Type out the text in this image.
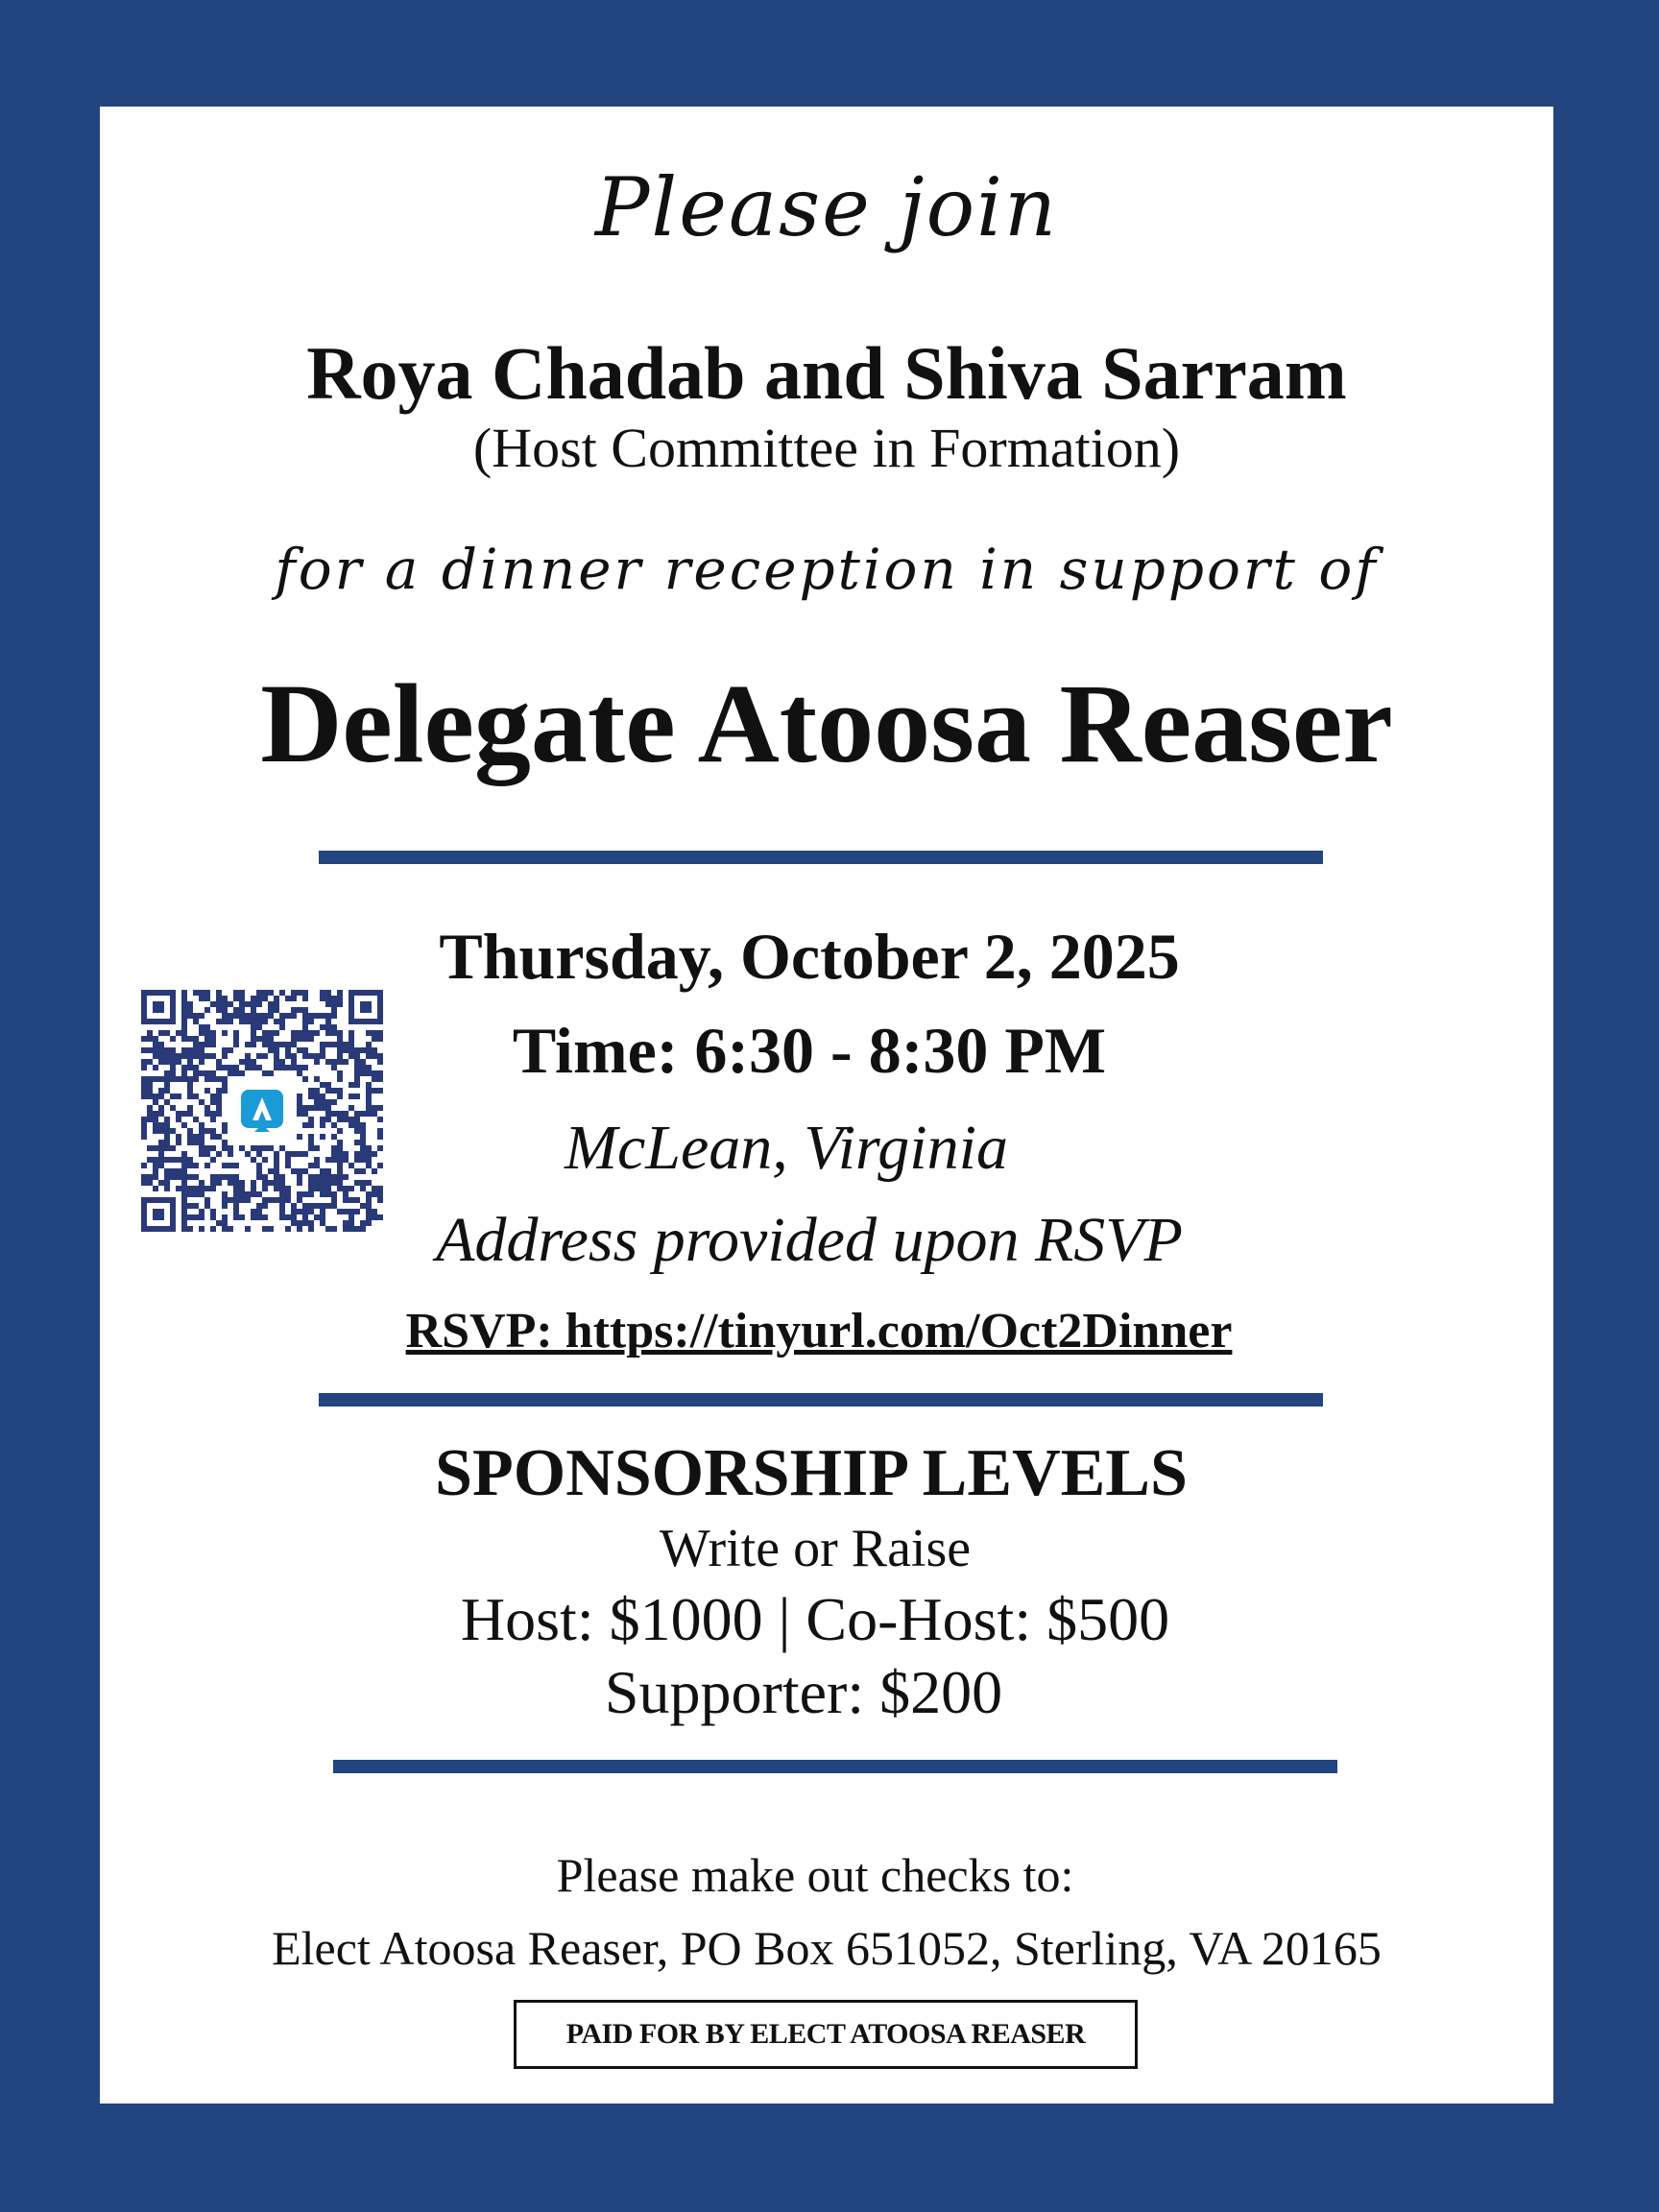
Please join
Roya Chadab and Shiva Sarram
(Host Committee in Formation)
for a dinner reception in support of
Delegate Atoosa Reaser
Thursday, October 2, 2025
Time: 6:30 - 8:30 PM
McLean, Virginia
Address provided upon RSVP
RSVP: https://tinyurl.com/Oct2Dinner
SPONSORSHIP LEVELS
Write or Raise
Host: $1000 | Co-Host: $500
Supporter: $200
Please make out checks to:
Elect Atoosa Reaser, PO Box 651052, Sterling, VA 20165
PAID FOR BY ELECT ATOOSA REASER
